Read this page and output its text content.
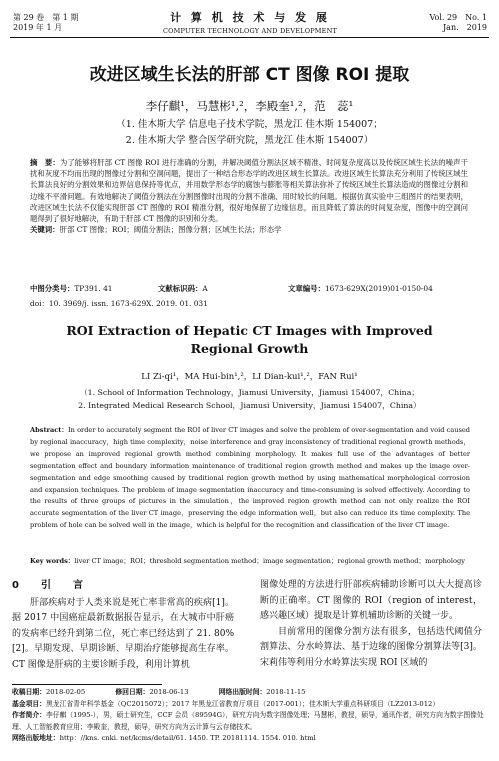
第 29 卷　第 1 期
2019 年 1 月
计 算 机 技 术 与 发 展
COMPUTER TECHNOLOGY AND DEVELOPMENT
Vol. 29　No. 1
Jan.　2019
改进区域生长法的肝部 CT 图像 ROI 提取
李仔麒¹，马慧彬¹,²，李殿奎¹,²，范　蕊¹
（1. 佳木斯大学 信息电子技术学院，黑龙江 佳木斯 154007；
2. 佳木斯大学 整合医学研究院，黑龙江 佳木斯 154007）
摘　要：为了能够将肝部 CT 图像 ROI 进行准确的分割，并解决阈值分割法区域不精准、时间复杂度高以及传统区域生长法的噪声干扰和灰度不均而出现的图像过分割和空洞问题，提出了一种结合形态学的改进区域生长算法。改进区域生长算法充分利用了传统区域生长算法良好的分割效果和边界信息保持等优点，并用数学形态学的腐蚀与膨胀等相关算法弥补了传统区域生长算法造成的图像过分割和边缘不平滑问题。有效地解决了阈值分割法在分割图像时出现的分割不准确、用时较长的问题。根据仿真实验中三组图片的结果表明，改进区域生长法不仅能实现肝部 CT 图像的 ROI 精准分割，很好地保留了边缘信息，而且降低了算法的时间复杂度，图像中的空洞问题得到了很好地解决，有助于肝部 CT 图像的识别和分类。
关键词：肝部 CT 图像；ROI；阈值分割法；图像分割；区域生长法；形态学
中图分类号：TP391. 41	文献标识码：A	文章编号：1673-629X(2019)01-0150-04
doi：10. 3969/j. issn. 1673-629X. 2019. 01. 031
ROI Extraction of Hepatic CT Images with Improved
Regional Growth
LI Zi-qi¹，MA Hui-bin¹,²，LI Dian-kui¹,²，FAN Rui¹
（1. School of Information Technology，Jiamusi University，Jiamusi 154007，China；
2. Integrated Medical Research School，Jiamusi University，Jiamusi 154007，China）
Abstract：In order to accurately segment the ROI of liver CT images and solve the problem of over-segmentation and void caused by regional inaccuracy，high time complexity，noise interference and gray inconsistency of traditional regional growth methods，we propose an improved regional growth method combining morphology. It makes full use of the advantages of better segmentation effect and boundary information maintenance of traditional region growth method and makes up the image over-segmentation and edge smoothing caused by traditional region growth method by using mathematical morphological corrosion and expansion techniques. The problem of image segmentation inaccuracy and time-consuming is solved effectively. According to the results of three groups of pictures in the simulation，the improved region growth method can not only realize the ROI accurate segmentation of the liver CT image，preserving the edge information well，but also can reduce its time complexity. The problem of hole can be solved well in the image，which is helpful for the recognition and classification of the liver CT image.
Key words：liver CT image；ROI；threshold segmentation method；image segmentation；regional growth method；morphology
0　引　言
肝部疾病对于人类来说是死亡率非常高的疾病[1]。据 2017 中国癌症最新数据报告显示，在大城市中肝癌的发病率已经升到第二位，死亡率已经达到了 21. 80%[2]。早期发现、早期诊断、早期治疗能够提高生存率。CT 图像是肝病的主要诊断手段，利用计算机
图像处理的方法进行肝部疾病辅助诊断可以大大提高诊断的正确率。CT 图像的 ROI（region of interest，感兴趣区域）提取是计算机辅助诊断的关键一步。
目前常用的图像分割方法有很多，包括迭代阈值分割算法、分水岭算法、基于边缘的图像分割算法等[3]。宋莉伟等利用分水岭算法实现 ROI 区域的
收稿日期：2018-02-05	修回日期：2018-06-13	网络出版时间：2018-11-15
基金项目：黑龙江省青年科学基金（QC2015072）；2017 年黑龙江省教育厅项目（2017-001）；佳木斯大学重点科研项目（LZ2013-012）
作者简介：李仔麒（1995-），男，硕士研究生，CCF 会员（89594G），研究方向为数字图像处理；马慧彬，教授，硕导，通讯作者，研究方向为数字图像处理、人工智能教育应用；李殿奎，教授，硕导，研究方向为云计算与云存储技术。
网络出版地址：http：//kns. cnki. net/kcms/detail/61. 1450. TP. 20181114. 1554. 010. html
